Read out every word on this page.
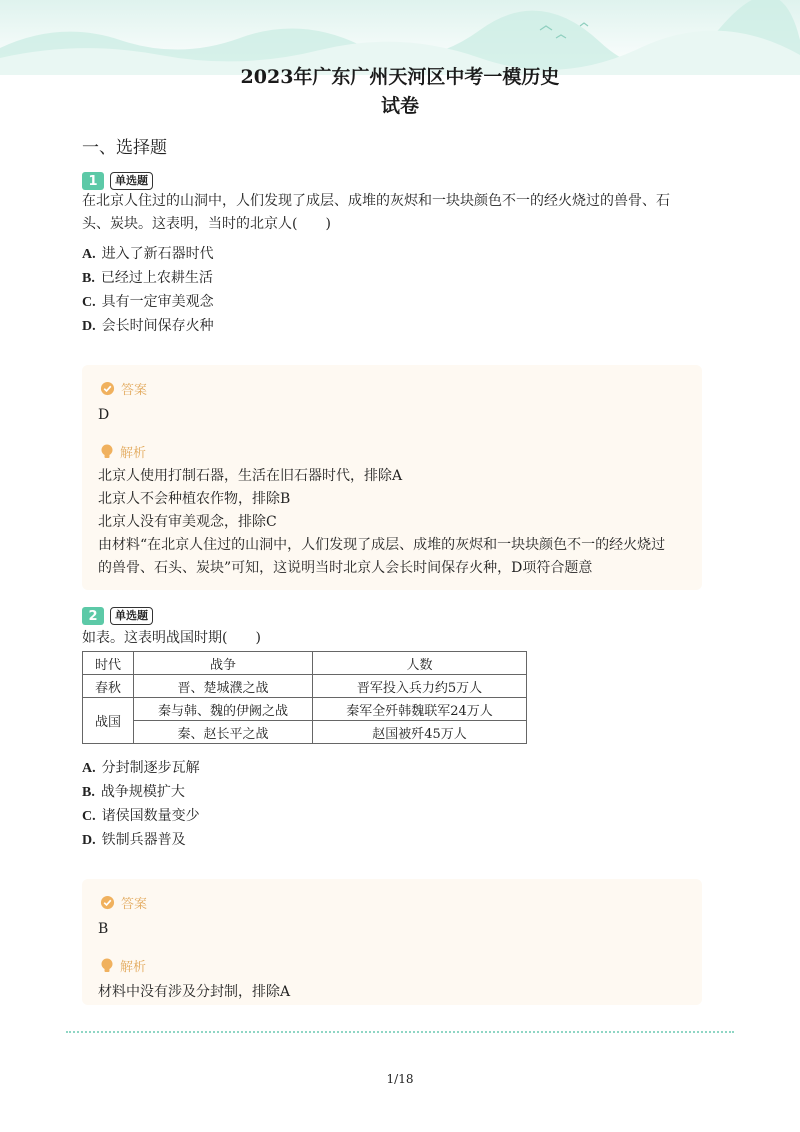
2023年广东广州天河区中考一模历史
试卷
一、选择题
1	单选题
在北京人住过的山洞中，人们发现了成层、成堆的灰烬和一块块颜色不一的经火烧过的兽骨、石
头、炭块。这表明，当时的北京人(　　)
A. 进入了新石器时代
B. 已经过上农耕生活
C. 具有一定审美观念
D. 会长时间保存火种
答案
D
解析
北京人使用打制石器，生活在旧石器时代，排除A
北京人不会种植农作物，排除B
北京人没有审美观念，排除C
由材料“在北京人住过的山洞中，人们发现了成层、成堆的灰烬和一块块颜色不一的经火烧过
的兽骨、石头、炭块”可知，这说明当时北京人会长时间保存火种，D项符合题意
2	单选题
如表。这表明战国时期(　　)
时代	战争	人数
春秋	晋、楚城濮之战	晋军投入兵力约5万人
战国	秦与韩、魏的伊阙之战	秦军全歼韩魏联军24万人
	秦、赵长平之战	赵国被歼45万人
A. 分封制逐步瓦解
B. 战争规模扩大
C. 诸侯国数量变少
D. 铁制兵器普及
答案
B
解析
材料中没有涉及分封制，排除A
1/18
